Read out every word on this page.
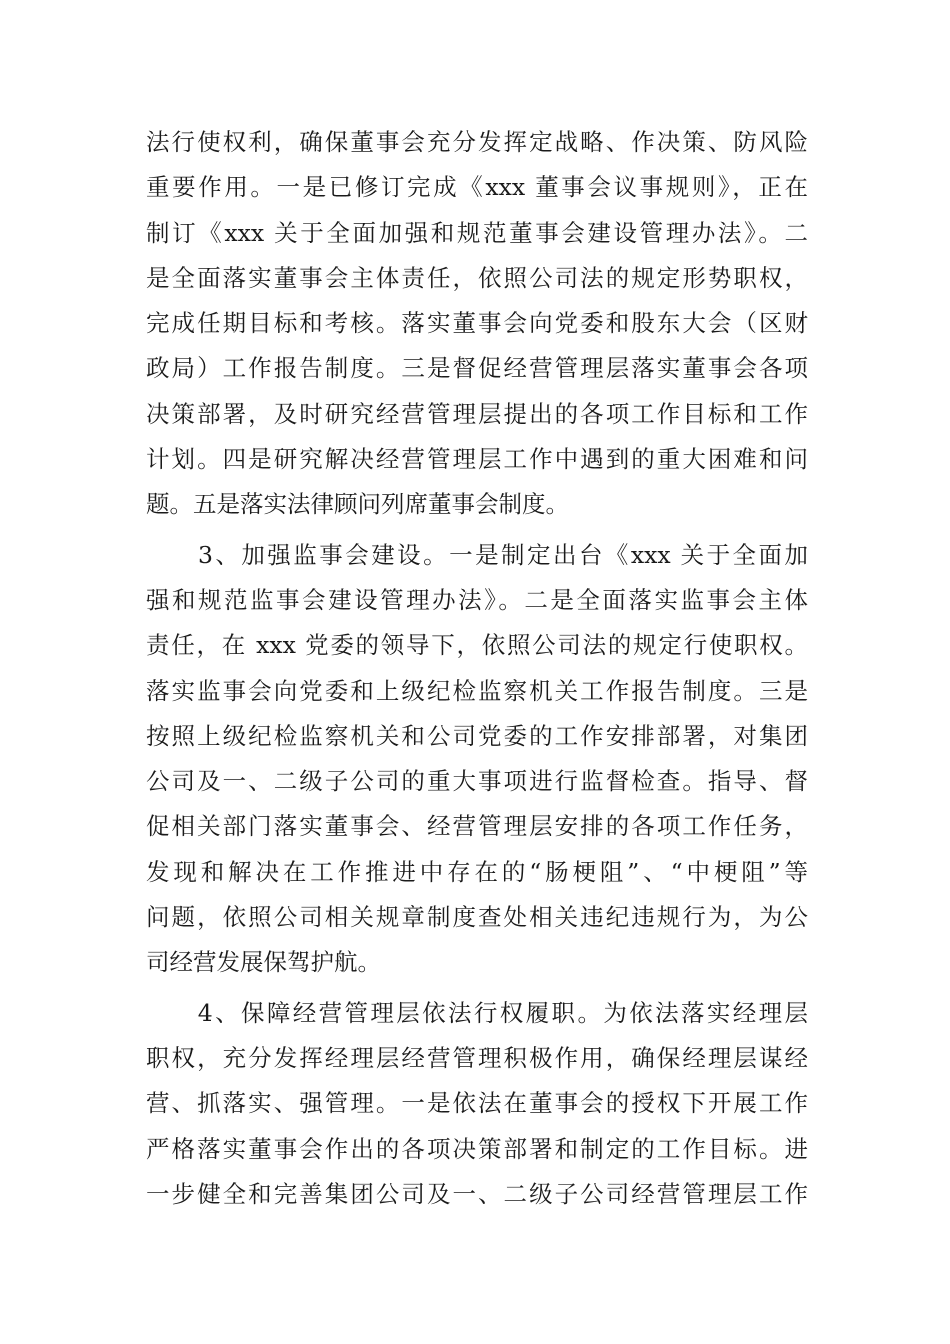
法行使权利，确保董事会充分发挥定战略、作决策、防风险
重要作用。一是已修订完成《xxx 董事会议事规则》，正在
制订《xxx 关于全面加强和规范董事会建设管理办法》。二
是全面落实董事会主体责任，依照公司法的规定形势职权，
完成任期目标和考核。落实董事会向党委和股东大会（区财
政局）工作报告制度。三是督促经营管理层落实董事会各项
决策部署，及时研究经营管理层提出的各项工作目标和工作
计划。四是研究解决经营管理层工作中遇到的重大困难和问
题。五是落实法律顾问列席董事会制度。
　　3、加强监事会建设。一是制定出台《xxx 关于全面加
强和规范监事会建设管理办法》。二是全面落实监事会主体
责任，在 xxx 党委的领导下，依照公司法的规定行使职权。
落实监事会向党委和上级纪检监察机关工作报告制度。三是
按照上级纪检监察机关和公司党委的工作安排部署，对集团
公司及一、二级子公司的重大事项进行监督检查。指导、督
促相关部门落实董事会、经营管理层安排的各项工作任务，
发现和解决在工作推进中存在的“肠梗阻”、“中梗阻”等
问题，依照公司相关规章制度查处相关违纪违规行为，为公
司经营发展保驾护航。
　　4、保障经营管理层依法行权履职。为依法落实经理层
职权，充分发挥经理层经营管理积极作用，确保经理层谋经
营、抓落实、强管理。一是依法在董事会的授权下开展工作
严格落实董事会作出的各项决策部署和制定的工作目标。进
一步健全和完善集团公司及一、二级子公司经营管理层工作
